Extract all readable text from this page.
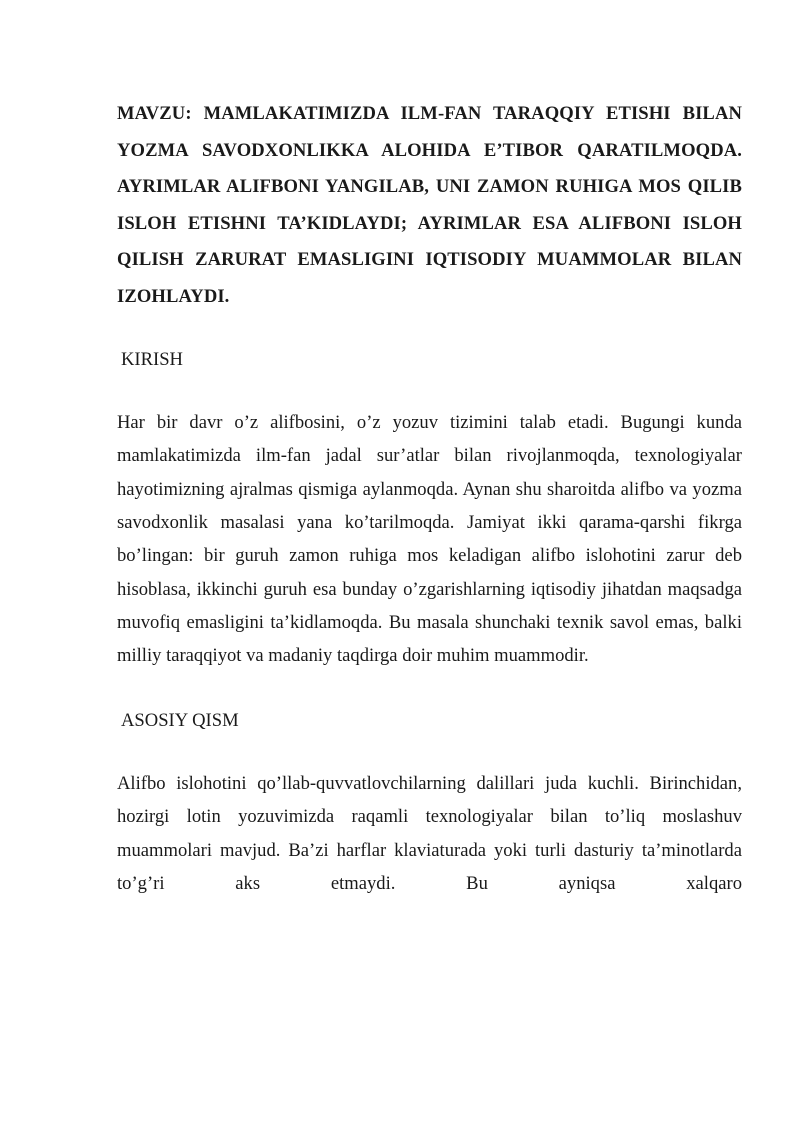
MAVZU: MAMLAKATIMIZDA ILM-FAN TARAQQIY ETISHI BILAN YOZMA SAVODXONLIKKA ALOHIDA E’TIBOR QARATILMOQDA. AYRIMLAR ALIFBONI YANGILAB, UNI ZAMON RUHIGA MOS QILIB ISLOH ETISHNI TA’KIDLAYDI; AYRIMLAR ESA ALIFBONI ISLOH QILISH ZARURAT EMASLIGINI IQTISODIY MUAMMOLAR BILAN IZOHLAYDI.

KIRISH

Har bir davr o’z alifbosini, o’z yozuv tizimini talab etadi. Bugungi kunda mamlakatimizda ilm-fan jadal sur’atlar bilan rivojlanmoqda, texnologiyalar hayotimizning ajralmas qismiga aylanmoqda. Aynan shu sharoitda alifbo va yozma savodxonlik masalasi yana ko’tarilmoqda. Jamiyat ikki qarama-qarshi fikrga bo’lingan: bir guruh zamon ruhiga mos keladigan alifbo islohotini zarur deb hisoblasa, ikkinchi guruh esa bunday o’zgarishlarning iqtisodiy jihatdan maqsadga muvofiq emasligini ta’kidlamoqda. Bu masala shunchaki texnik savol emas, balki milliy taraqqiyot va madaniy taqdirga doir muhim muammodir.

ASOSIY QISM

Alifbo islohotini qo’llab-quvvatlovchilarning dalillari juda kuchli. Birinchidan, hozirgi lotin yozuvimizda raqamli texnologiyalar bilan to’liq moslashuv muammolari mavjud. Ba’zi harflar klaviaturada yoki turli dasturiy ta’minotlarda to’g’ri aks etmaydi. Bu ayniqsa xalqaro
